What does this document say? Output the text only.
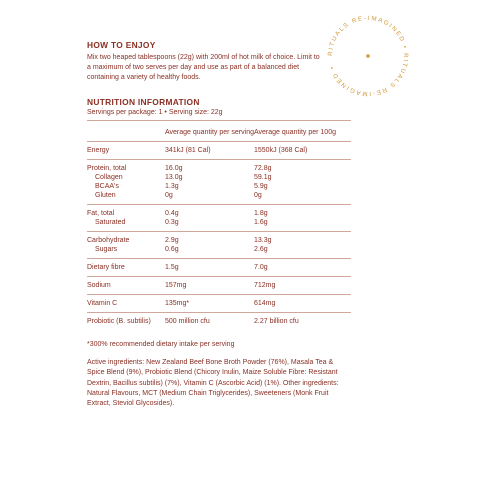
RITUALS RE-IMAGINED • RITUALS RE-IMAGINED •
HOW TO ENJOY
Mix two heaped tablespoons (22g) with 200ml of hot milk of choice. Limit to a maximum of two serves per day and use as part of a balanced diet containing a variety of healthy foods.
NUTRITION INFORMATION
Servings per package: 1 • Serving size: 22g
	Average quantity per serving	Average quantity per 100g
Energy	341kJ (81 Cal)	1550kJ (368 Cal)
Protein, total	16.0g	72.8g
Collagen	13.0g	59.1g
BCAA's	1.3g	5.9g
Gluten	0g	0g
Fat, total	0.4g	1.8g
Saturated	0.3g	1.6g
Carbohydrate	2.9g	13.3g
Sugars	0.6g	2.6g
Dietary fibre	1.5g	7.0g
Sodium	157mg	712mg
Vitamin C	135mg*	614mg
Probiotic (B. subtilis)	500 million cfu	2.27 billion cfu
*300% recommended dietary intake per serving
Active ingredients: New Zealand Beef Bone Broth Powder (76%), Masala Tea & Spice Blend (9%), Probiotic Blend (Chicory Inulin, Maize Soluble Fibre: Resistant Dextrin, Bacillus subtilis) (7%), Vitamin C (Ascorbic Acid) (1%). Other ingredients: Natural Flavours, MCT (Medium Chain Triglycerides), Sweeteners (Monk Fruit Extract, Steviol Glycosides).
